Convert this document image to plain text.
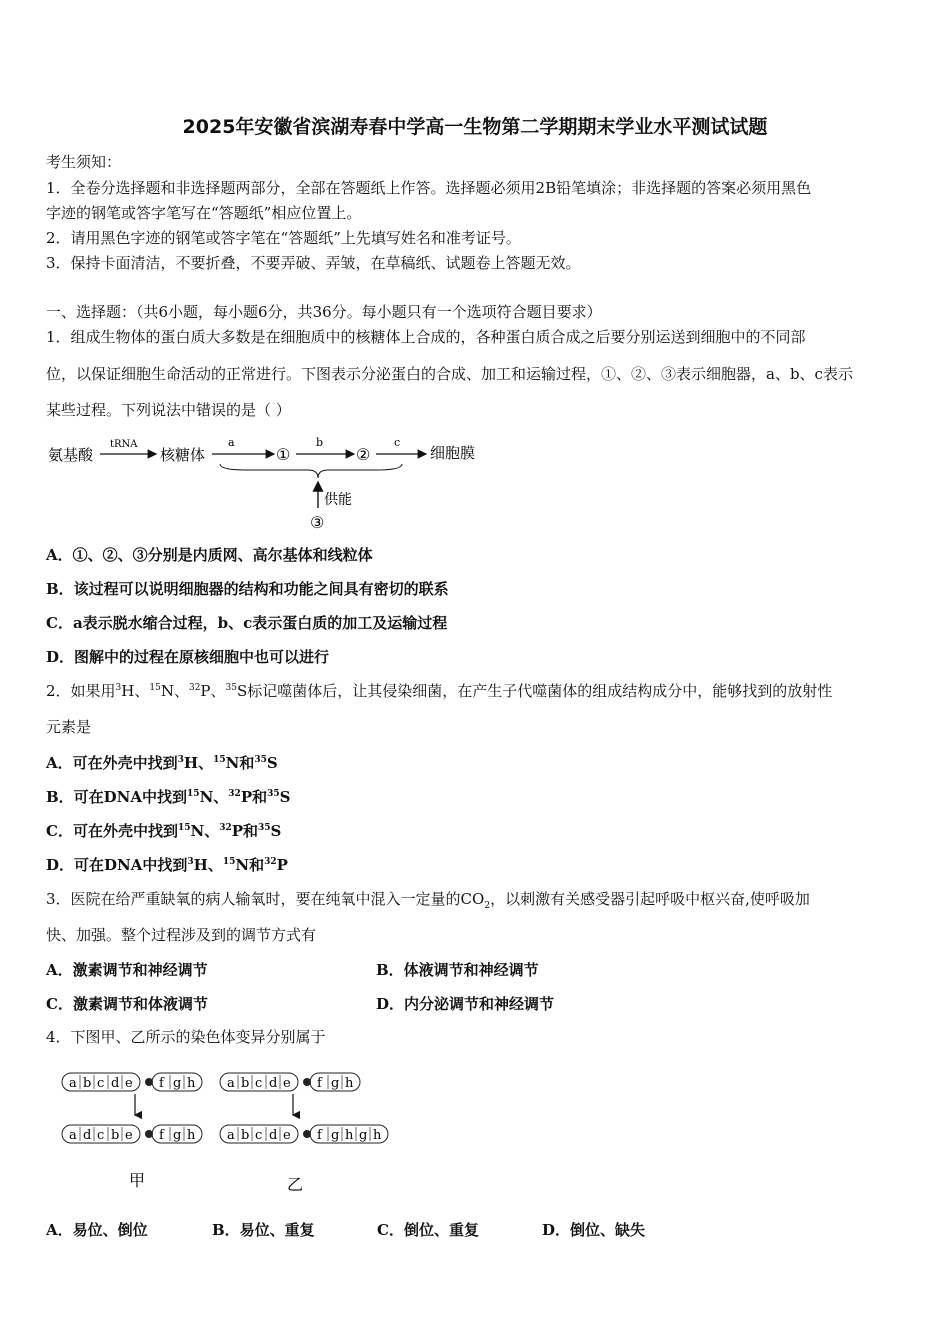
2025年安徽省滨湖寿春中学高一生物第二学期期末学业水平测试试题
考生须知：
1．全卷分选择题和非选择题两部分，全部在答题纸上作答。选择题必须用2B铅笔填涂；非选择题的答案必须用黑色
字迹的钢笔或答字笔写在“答题纸”相应位置上。
2．请用黑色字迹的钢笔或答字笔在“答题纸”上先填写姓名和准考证号。
3．保持卡面清洁，不要折叠，不要弄破、弄皱，在草稿纸、试题卷上答题无效。
一、选择题：（共6小题，每小题6分，共36分。每小题只有一个选项符合题目要求）
1．组成生物体的蛋白质大多数是在细胞质中的核糖体上合成的，各种蛋白质合成之后要分别运送到细胞中的不同部
位，以保证细胞生命活动的正常进行。下图表示分泌蛋白的合成、加工和运输过程，①、②、③表示细胞器，a、b、c表示
某些过程。下列说法中错误的是（ ）
氨基酸
tRNA
核糖体
a
①
b
②
c
细胞膜
供能
③
A．①、②、③分别是内质网、高尔基体和线粒体
B．该过程可以说明细胞器的结构和功能之间具有密切的联系
C．a表示脱水缩合过程，b、c表示蛋白质的加工及运输过程
D．图解中的过程在原核细胞中也可以进行
2．如果用$^3$H、$^{15}$N、$^{32}$P、$^{35}$S标记噬菌体后，让其侵染细菌，在产生子代噬菌体的组成结构成分中，能够找到的放射性
元素是
A．可在外壳中找到$^3$H、$^{15}$N和$^{35}$S
B．可在DNA中找到$^{15}$N、$^{32}$P和$^{35}$S
C．可在外壳中找到$^{15}$N、$^{32}$P和$^{35}$S
D．可在DNA中找到$^3$H、$^{15}$N和$^{32}$P
3．医院在给严重缺氧的病人输氧时，要在纯氧中混入一定量的$CO_2$，以刺激有关感受器引起呼吸中枢兴奋,使呼吸加
快、加强。整个过程涉及到的调节方式有
A．激素调节和神经调节	B．体液调节和神经调节
C．激素调节和体液调节	D．内分泌调节和神经调节
4．下图甲、乙所示的染色体变异分别属于
a b c d e f g h
a d c b e f g h
a b c d e f g h
a b c d e f g h g h
甲	乙
A．易位、倒位	B．易位、重复	C．倒位、重复	D．倒位、缺失
